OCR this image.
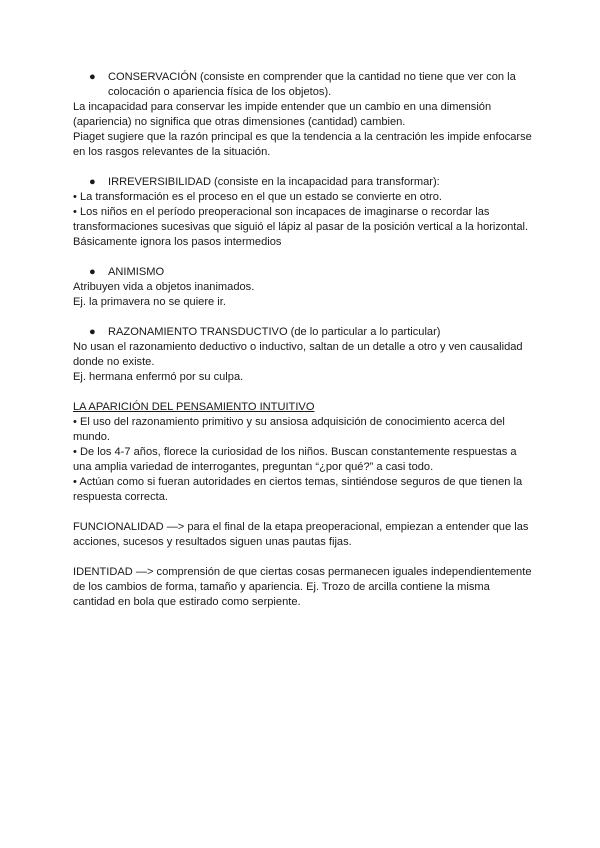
● CONSERVACIÓN (consiste en comprender que la cantidad no tiene que ver con la colocación o apariencia física de los objetos).

La incapacidad para conservar les impide entender que un cambio en una dimensión (apariencia) no significa que otras dimensiones (cantidad) cambien.

Piaget sugiere que la razón principal es que la tendencia a la centración les impide enfocarse en los rasgos relevantes de la situación.

● IRREVERSIBILIDAD (consiste en la incapacidad para transformar):

• La transformación es el proceso en el que un estado se convierte en otro.

• Los niños en el período preoperacional son incapaces de imaginarse o recordar las transformaciones sucesivas que siguió el lápiz al pasar de la posición vertical a la horizontal. Básicamente ignora los pasos intermedios

● ANIMISMO

Atribuyen vida a objetos inanimados.

Ej. la primavera no se quiere ir.

● RAZONAMIENTO TRANSDUCTIVO (de lo particular a lo particular)

No usan el razonamiento deductivo o inductivo, saltan de un detalle a otro y ven causalidad donde no existe.

Ej. hermana enfermó por su culpa.

LA APARICIÓN DEL PENSAMIENTO INTUITIVO

• El uso del razonamiento primitivo y su ansiosa adquisición de conocimiento acerca del mundo.

• De los 4-7 años, florece la curiosidad de los niños. Buscan constantemente respuestas a una amplia variedad de interrogantes, preguntan “¿por qué?” a casi todo.

• Actúan como si fueran autoridades en ciertos temas, sintiéndose seguros de que tienen la respuesta correcta.

FUNCIONALIDAD —> para el final de la etapa preoperacional, empiezan a entender que las acciones, sucesos y resultados siguen unas pautas fijas.

IDENTIDAD —> comprensión de que ciertas cosas permanecen iguales independientemente de los cambios de forma, tamaño y apariencia. Ej. Trozo de arcilla contiene la misma cantidad en bola que estirado como serpiente.
